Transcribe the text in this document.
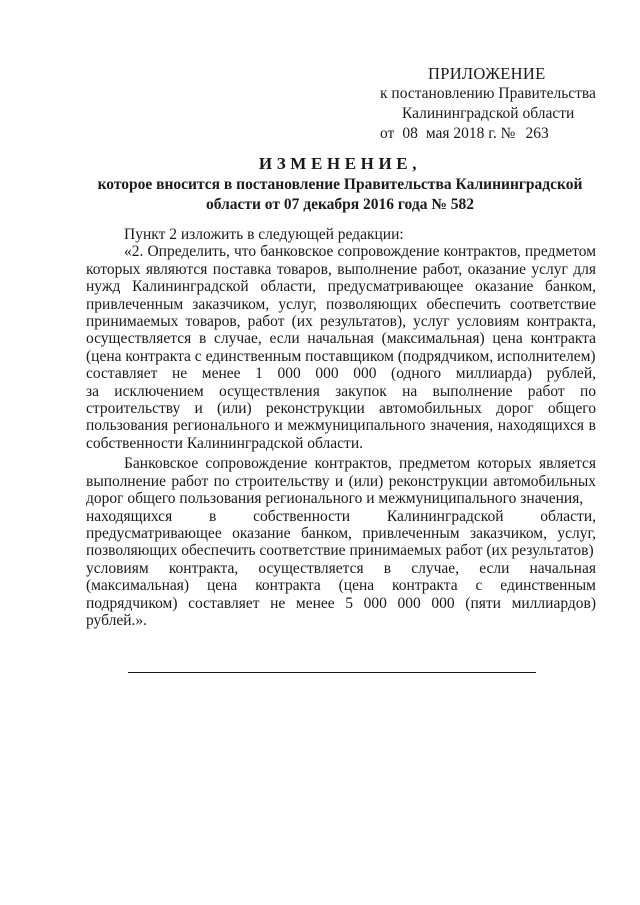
ПРИЛОЖЕНИЕ
к постановлению Правительства
Калининградской области
от 08 мая 2018 г. № 263
ИЗМЕНЕНИЕ,
которое вносится в постановление Правительства Калининградской
области от 07 декабря 2016 года № 582

Пункт 2 изложить в следующей редакции:

«2. Определить, что банковское сопровождение контрактов, предметом которых являются поставка товаров, выполнение работ, оказание услуг для нужд Калининградской области, предусматривающее оказание банком, привлеченным заказчиком, услуг, позволяющих обеспечить соответствие принимаемых товаров, работ (их результатов), услуг условиям контракта, осуществляется в случае, если начальная (максимальная) цена контракта (цена контракта с единственным поставщиком (подрядчиком, исполнителем)

составляет не менее 1 000 000 000 (одного миллиарда) рублей,
за исключением осуществления закупок на выполнение работ по

строительству и (или) реконструкции автомобильных дорог общего пользования регионального и межмуниципального значения, находящихся в собственности Калининградской области.

Банковское сопровождение контрактов, предметом которых является выполнение работ по строительству и (или) реконструкции автомобильных дорог общего пользования регионального и межмуниципального значения,

находящихся в собственности Калининградской области,

предусматривающее оказание банком, привлеченным заказчиком, услуг, позволяющих обеспечить соответствие принимаемых работ (их результатов)

условиям контракта, осуществляется в случае, если начальная
(максимальная) цена контракта (цена контракта с единственным

подрядчиком) составляет не менее 5 000 000 000 (пяти миллиардов) рублей.».
